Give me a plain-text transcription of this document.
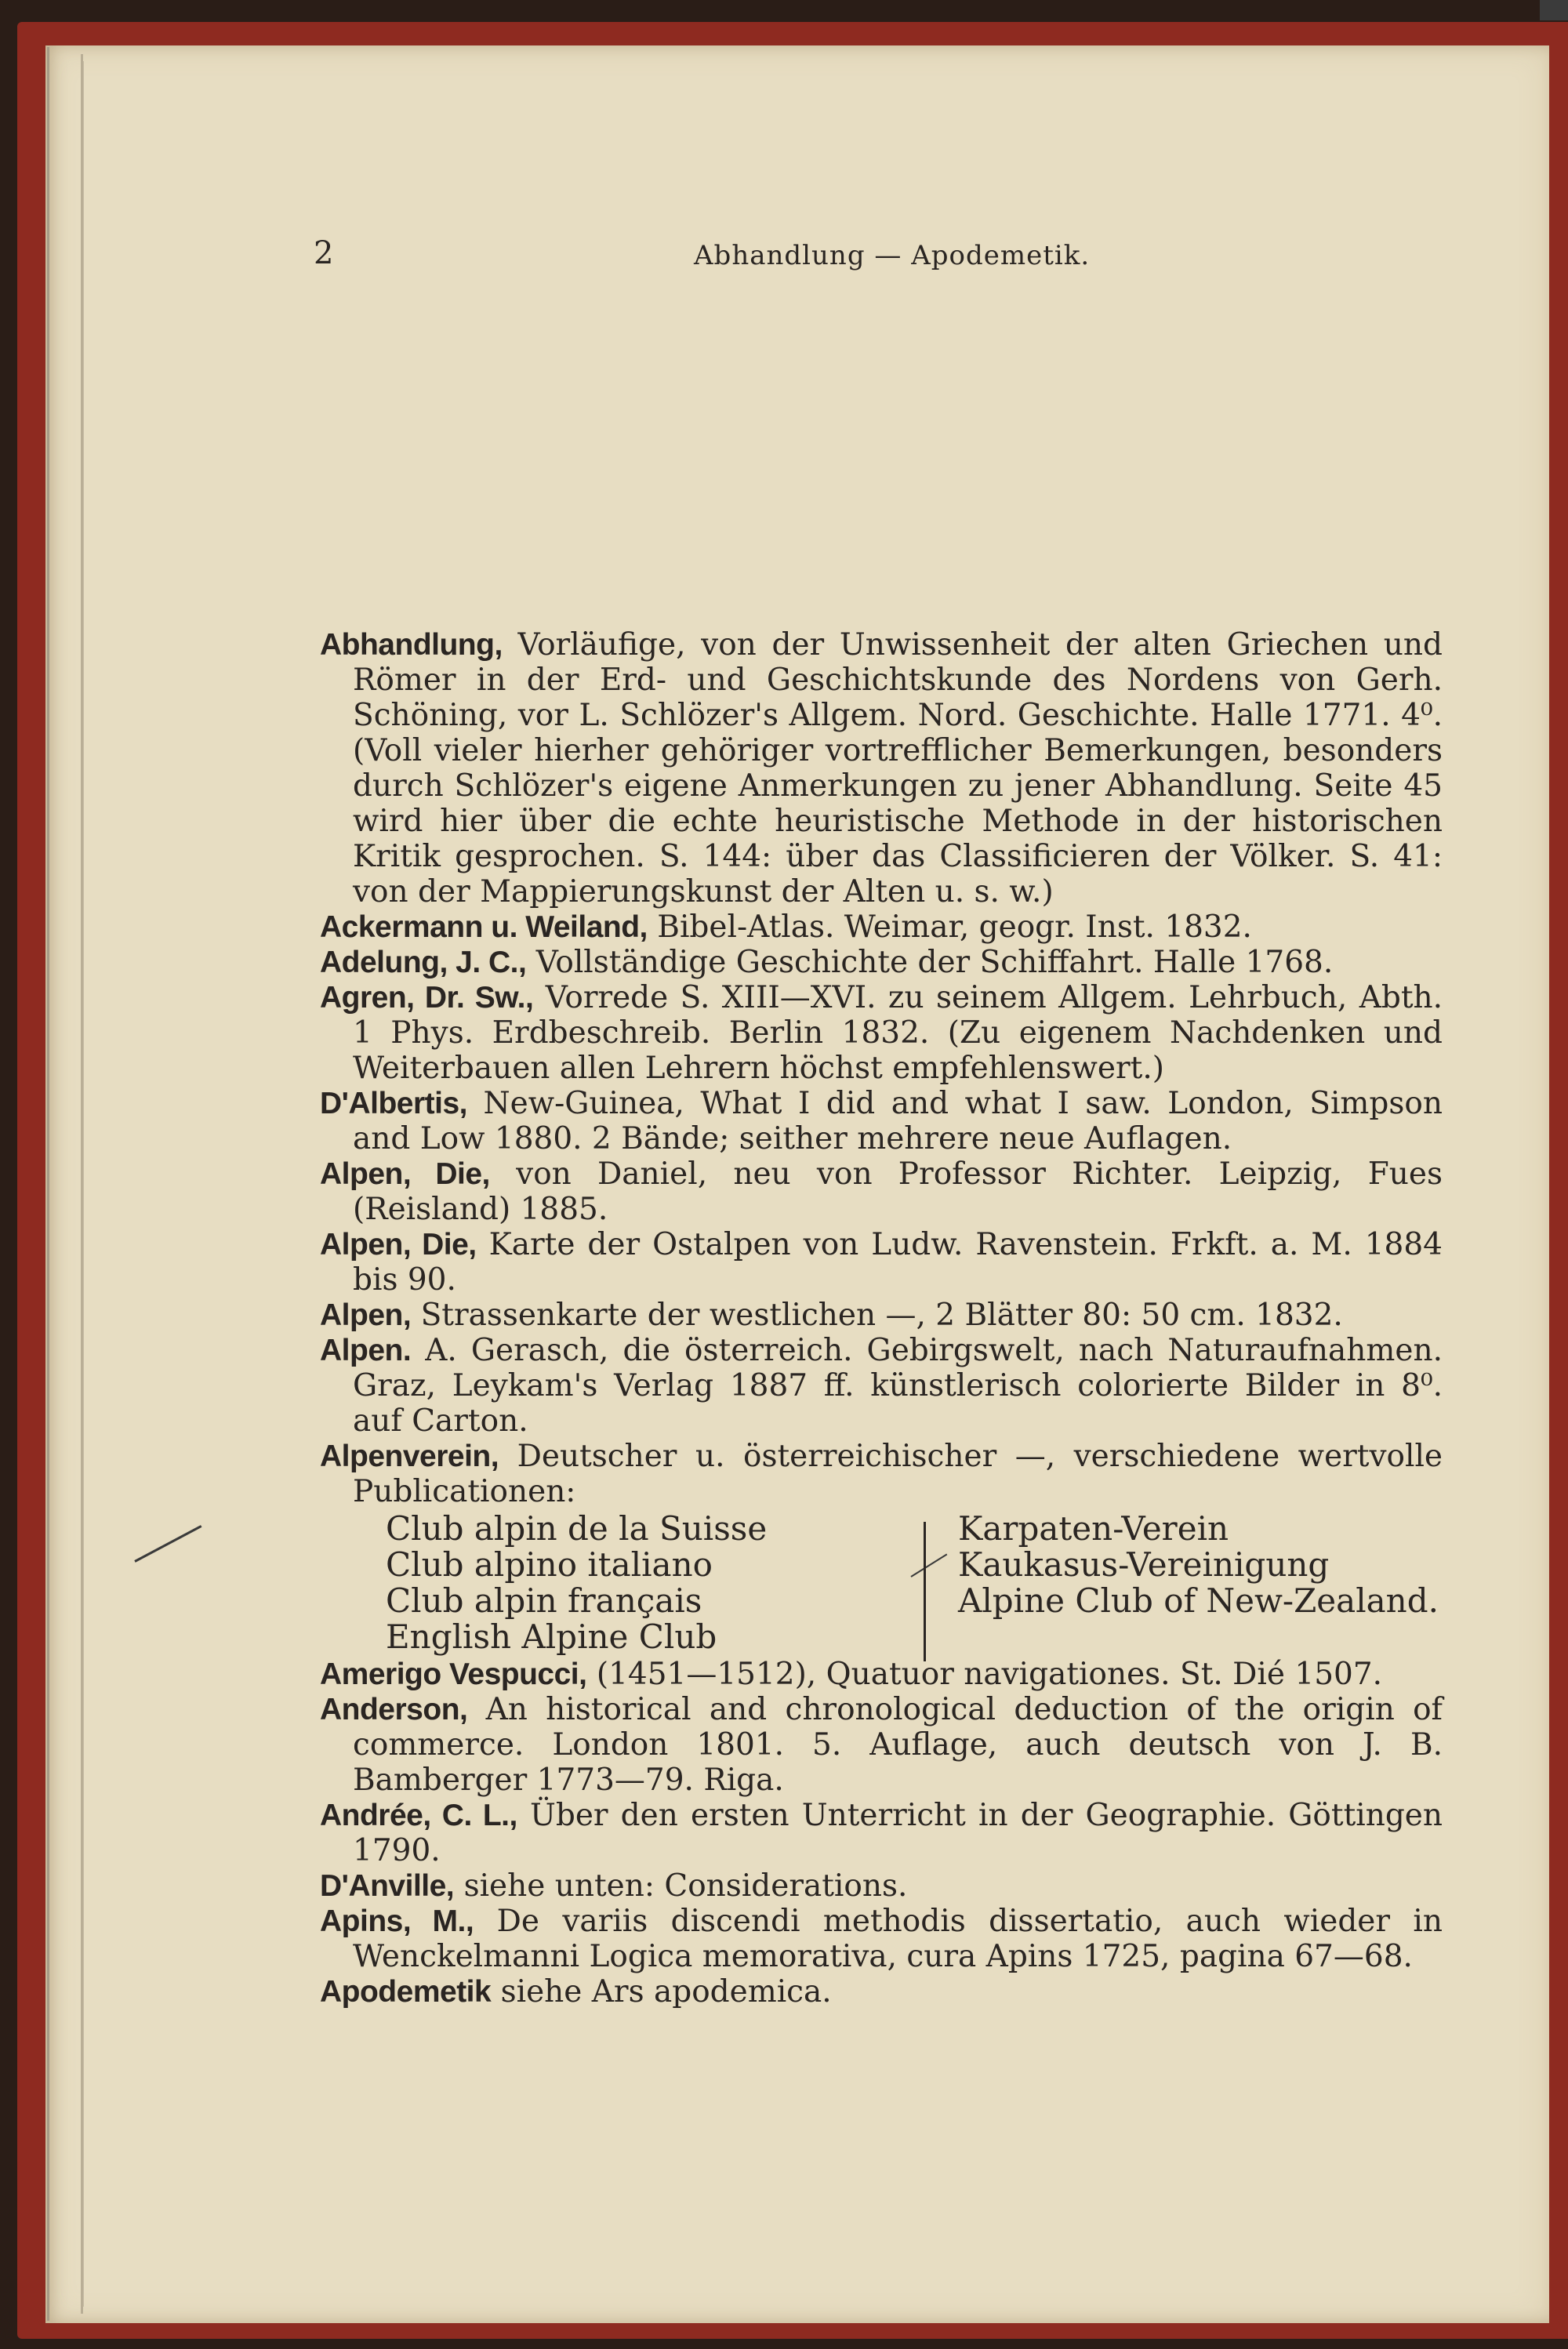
2	Abhandlung — Apodemetik.

Abhandlung, Vorläufige, von der Unwissenheit der alten Griechen und Römer in der Erd- und Geschichtskunde des Nordens von Gerh. Schöning, vor L. Schlözer's Allgem. Nord. Geschichte. Halle 1771. 4⁰. (Voll vieler hierher gehöriger vortrefflicher Bemerkungen, besonders durch Schlözer's eigene Anmerkungen zu jener Abhandlung. Seite 45 wird hier über die echte heuristische Methode in der historischen Kritik gesprochen. S. 144: über das Classificieren der Völker. S. 41: von der Mappierungskunst der Alten u. s. w.)

Ackermann u. Weiland, Bibel-Atlas. Weimar, geogr. Inst. 1832.

Adelung, J. C., Vollständige Geschichte der Schiffahrt. Halle 1768.

Agren, Dr. Sw., Vorrede S. XIII—XVI. zu seinem Allgem. Lehrbuch, Abth. 1 Phys. Erdbeschreib. Berlin 1832. (Zu eigenem Nachdenken und Weiterbauen allen Lehrern höchst empfehlenswert.)

D'Albertis, New-Guinea, What I did and what I saw. London, Simpson and Low 1880. 2 Bände; seither mehrere neue Auflagen.

Alpen, Die, von Daniel, neu von Professor Richter. Leipzig, Fues (Reisland) 1885.

Alpen, Die, Karte der Ostalpen von Ludw. Ravenstein. Frkft. a. M. 1884 bis 90.

Alpen, Strassenkarte der westlichen —, 2 Blätter 80: 50 cm. 1832.

Alpen. A. Gerasch, die österreich. Gebirgswelt, nach Naturaufnahmen. Graz, Leykam's Verlag 1887 ff. künstlerisch colorierte Bilder in 8⁰. auf Carton.

Alpenverein, Deutscher u. österreichischer —, verschiedene wertvolle Publicationen:

Club alpin de la Suisse
Club alpino italiano
Club alpin français
English Alpine Club
Karpaten-Verein
Kaukasus-Vereinigung
Alpine Club of New-Zealand.

Amerigo Vespucci, (1451—1512), Quatuor navigationes. St. Dié 1507.

Anderson, An historical and chronological deduction of the origin of commerce. London 1801. 5. Auflage, auch deutsch von J. B. Bamberger 1773—79. Riga.

Andrée, C. L., Über den ersten Unterricht in der Geographie. Göttingen 1790.

D'Anville, siehe unten: Considerations.

Apins, M., De variis discendi methodis dissertatio, auch wieder in Wenckelmanni Logica memorativa, cura Apins 1725, pagina 67—68.

Apodemetik siehe Ars apodemica.
